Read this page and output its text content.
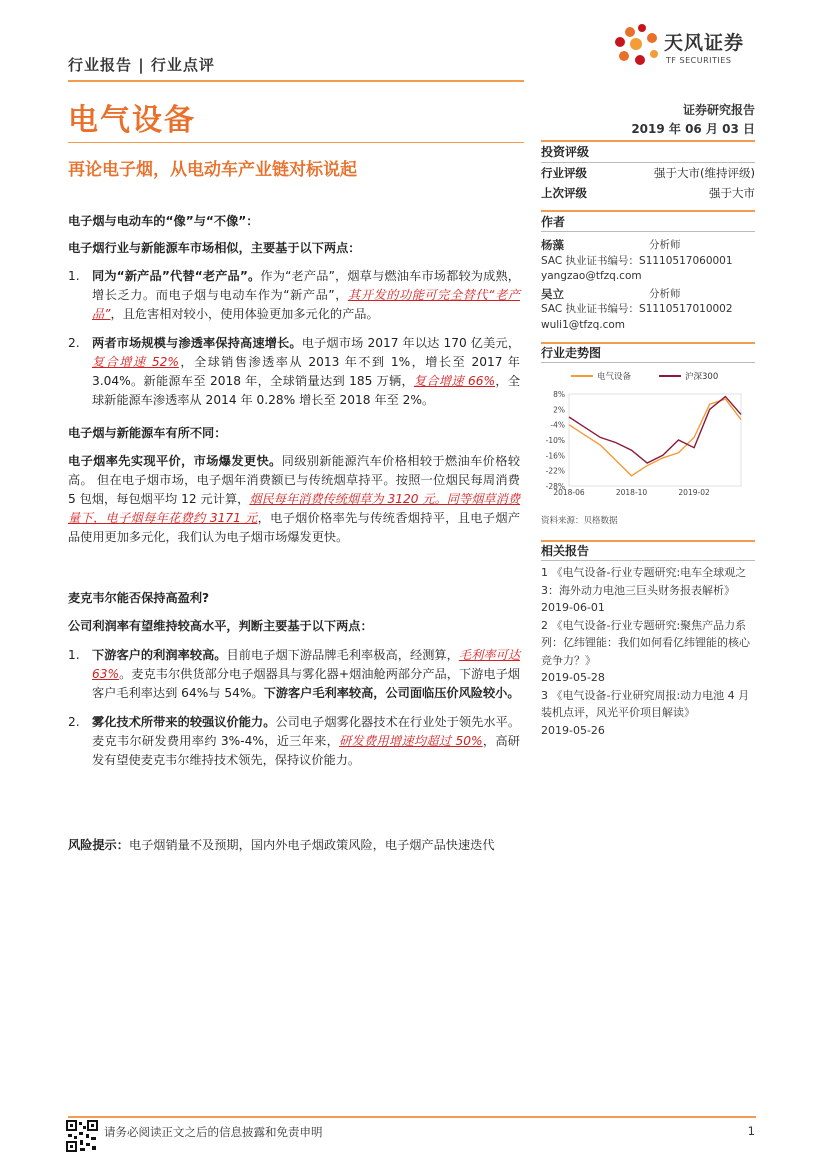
行业报告 | 行业点评
电气设备
再论电子烟，从电动车产业链对标说起
天风证券
TF SECURITIES
证券研究报告
2019 年 06 月 03 日
电子烟与电动车的“像”与“不像”：
电子烟行业与新能源车市场相似，主要基于以下两点：
1.	同为“新产品”代替“老产品”。作为“老产品”，烟草与燃油车市场都较为成熟，增长乏力。而电子烟与电动车作为“新产品”，其开发的功能可完全替代“老产品”，且危害相对较小，使用体验更加多元化的产品。
2.	两者市场规模与渗透率保持高速增长。电子烟市场 2017 年以达 170 亿美元，复合增速 52%，全球销售渗透率从 2013 年不到 1%，增长至 2017 年 3.04%。新能源车至 2018 年，全球销量达到 185 万辆，复合增速 66%，全球新能源车渗透率从 2014 年 0.28% 增长至 2018 年至 2%。
电子烟与新能源车有所不同：
电子烟率先实现平价，市场爆发更快。同级别新能源汽车价格相较于燃油车价格较高。 但在电子烟市场，电子烟年消费额已与传统烟草持平。按照一位烟民每周消费 5 包烟，每包烟平均 12 元计算，烟民每年消费传统烟草为 3120 元。同等烟草消费量下，电子烟每年花费约 3171 元，电子烟价格率先与传统香烟持平，且电子烟产品使用更加多元化，我们认为电子烟市场爆发更快。
麦克韦尔能否保持高盈利?
公司利润率有望维持较高水平，判断主要基于以下两点：
1.	下游客户的利润率较高。目前电子烟下游品牌毛利率极高，经测算，毛利率可达 63%。麦克韦尔供货部分电子烟器具与雾化器+烟油舱两部分产品，下游电子烟客户毛利率达到 64%与 54%。下游客户毛利率较高，公司面临压价风险较小。
2.	雾化技术所带来的较强议价能力。公司电子烟雾化器技术在行业处于领先水平。麦克韦尔研发费用率约 3%-4%，近三年来，研发费用增速均超过 50%，高研发有望使麦克韦尔维持技术领先，保持议价能力。
风险提示：电子烟销量不及预期，国内外电子烟政策风险，电子烟产品快速迭代
投资评级
行业评级	强于大市(维持评级)
上次评级	强于大市
作者
杨藻	分析师
SAC 执业证书编号：S1110517060001
yangzao@tfzq.com
吴立	分析师
SAC 执业证书编号：S1110517010002
wuli1@tfzq.com
行业走势图
8%
2%
-4%
-10%
-16%
-22%
-28%
2018-06	2018-10	2019-02
电气设备	沪深300
资料来源：贝格数据
相关报告
1 《电气设备-行业专题研究:电车全球观之 3：海外动力电池三巨头财务报表解析》 2019-06-01
2 《电气设备-行业专题研究:聚焦产品力系列：亿纬锂能：我们如何看亿纬锂能的核心竞争力？》
2019-05-28
3 《电气设备-行业研究周报:动力电池 4 月装机点评，风光平价项目解读》
2019-05-26
请务必阅读正文之后的信息披露和免责申明	1
